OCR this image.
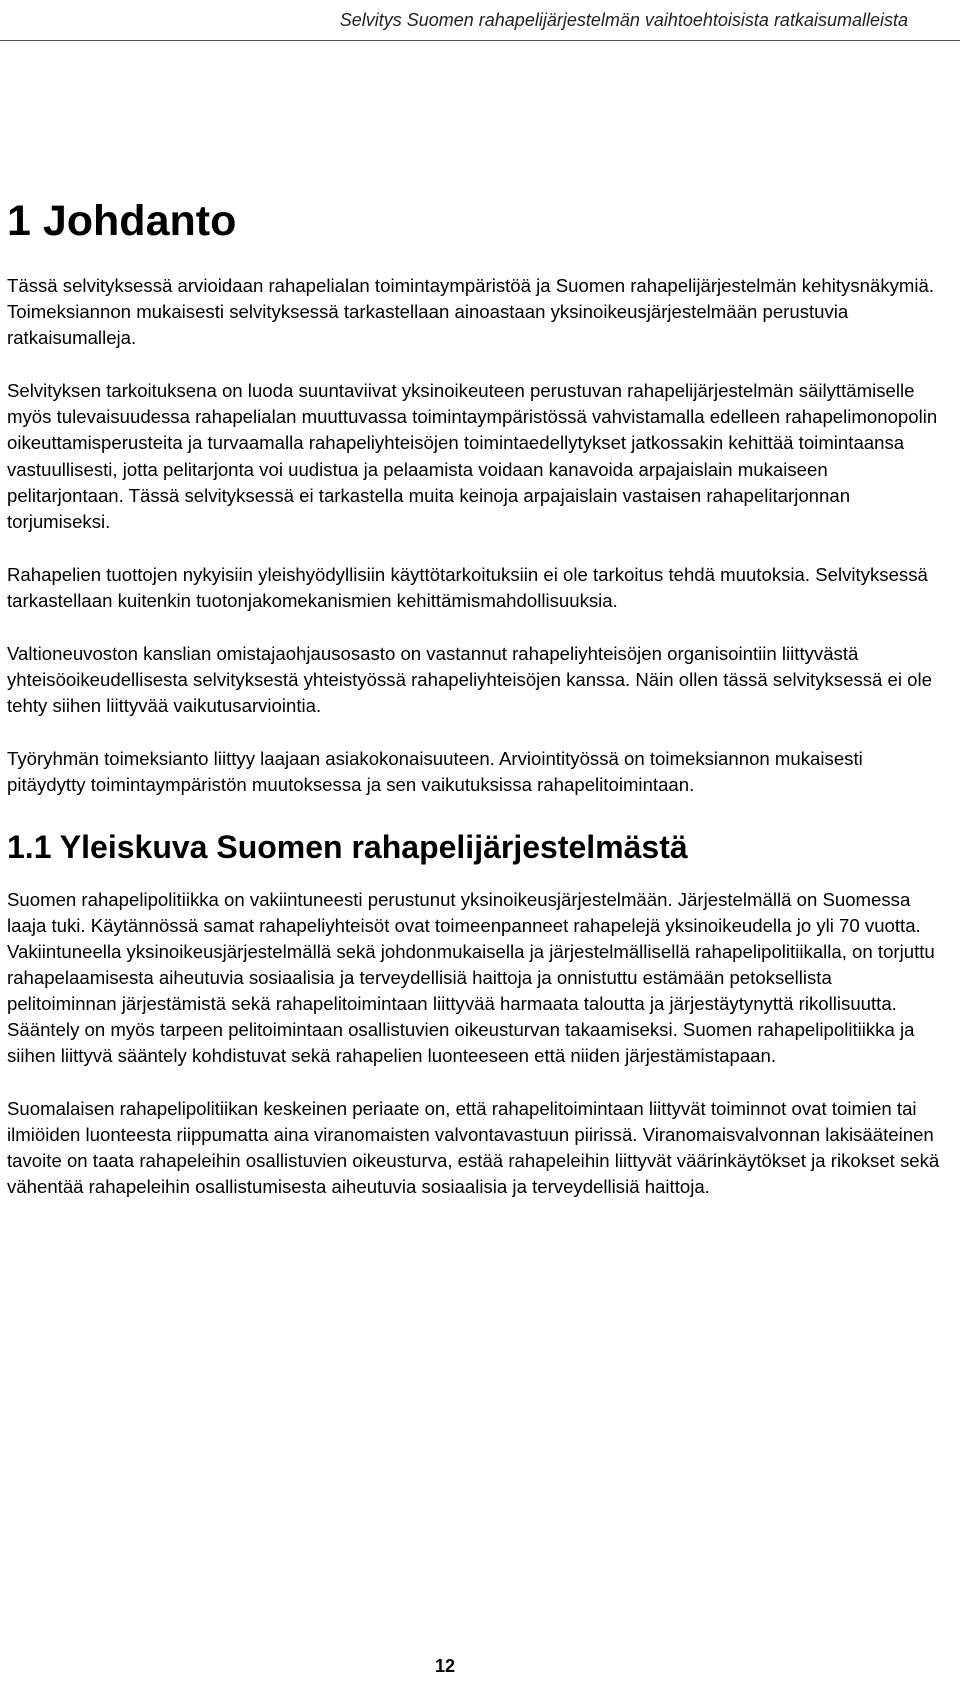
Selvitys Suomen rahapelijärjestelmän vaihtoehtoisista ratkaisumalleista
1 Johdanto

Tässä selvityksessä arvioidaan rahapelialan toimintaympäristöä ja Suomen rahapelijärjestelmän kehitysnäkymiä. Toimeksiannon mukaisesti selvityksessä tarkastellaan ainoastaan yksinoikeusjärjestelmään perustuvia ratkaisumalleja.

Selvityksen tarkoituksena on luoda suuntaviivat yksinoikeuteen perustuvan rahapelijärjestelmän säilyttämiselle myös tulevaisuudessa rahapelialan muuttuvassa toimintaympäristössä vahvistamalla edelleen rahapelimonopolin oikeuttamisperusteita ja turvaamalla rahapeliyhteisöjen toimintaedellytykset jatkossakin kehittää toimintaansa vastuullisesti, jotta pelitarjonta voi uudistua ja pelaamista voidaan kanavoida arpajaislain mukaiseen pelitarjontaan. Tässä selvityksessä ei tarkastella muita keinoja arpajaislain vastaisen rahapelitarjonnan torjumiseksi.

Rahapelien tuottojen nykyisiin yleishyödyllisiin käyttötarkoituksiin ei ole tarkoitus tehdä muutoksia. Selvityksessä tarkastellaan kuitenkin tuotonjakomekanismien kehittämismahdollisuuksia.

Valtioneuvoston kanslian omistajaohjausosasto on vastannut rahapeliyhteisöjen organisointiin liittyvästä yhteisöoikeudellisesta selvityksestä yhteistyössä rahapeliyhteisöjen kanssa. Näin ollen tässä selvityksessä ei ole tehty siihen liittyvää vaikutusarviointia.

Työryhmän toimeksianto liittyy laajaan asiakokonaisuuteen. Arviointityössä on toimeksiannon mukaisesti pitäydytty toimintaympäristön muutoksessa ja sen vaikutuksissa rahapelitoimintaan.

1.1 Yleiskuva Suomen rahapelijärjestelmästä

Suomen rahapelipolitiikka on vakiintuneesti perustunut yksinoikeusjärjestelmään. Järjestelmällä on Suomessa laaja tuki. Käytännössä samat rahapeliyhteisöt ovat toimeenpanneet rahapelejä yksinoikeudella jo yli 70 vuotta. Vakiintuneella yksinoikeusjärjestelmällä sekä johdonmukaisella ja järjestelmällisellä rahapelipolitiikalla, on torjuttu rahapelaamisesta aiheutuvia sosiaalisia ja terveydellisiä haittoja ja onnistuttu estämään petoksellista pelitoiminnan järjestämistä sekä rahapelitoimintaan liittyvää harmaata taloutta ja järjestäytynyttä rikollisuutta. Sääntely on myös tarpeen pelitoimintaan osallistuvien oikeusturvan takaamiseksi. Suomen rahapelipolitiikka ja siihen liittyvä sääntely kohdistuvat sekä rahapelien luonteeseen että niiden järjestämistapaan.

Suomalaisen rahapelipolitiikan keskeinen periaate on, että rahapelitoimintaan liittyvät toiminnot ovat toimien tai ilmiöiden luonteesta riippumatta aina viranomaisten valvontavastuun piirissä. Viranomaisvalvonnan lakisääteinen tavoite on taata rahapeleihin osallistuvien oikeusturva, estää rahapeleihin liittyvät väärinkäytökset ja rikokset sekä vähentää rahapeleihin osallistumisesta aiheutuvia sosiaalisia ja terveydellisiä haittoja.

12
